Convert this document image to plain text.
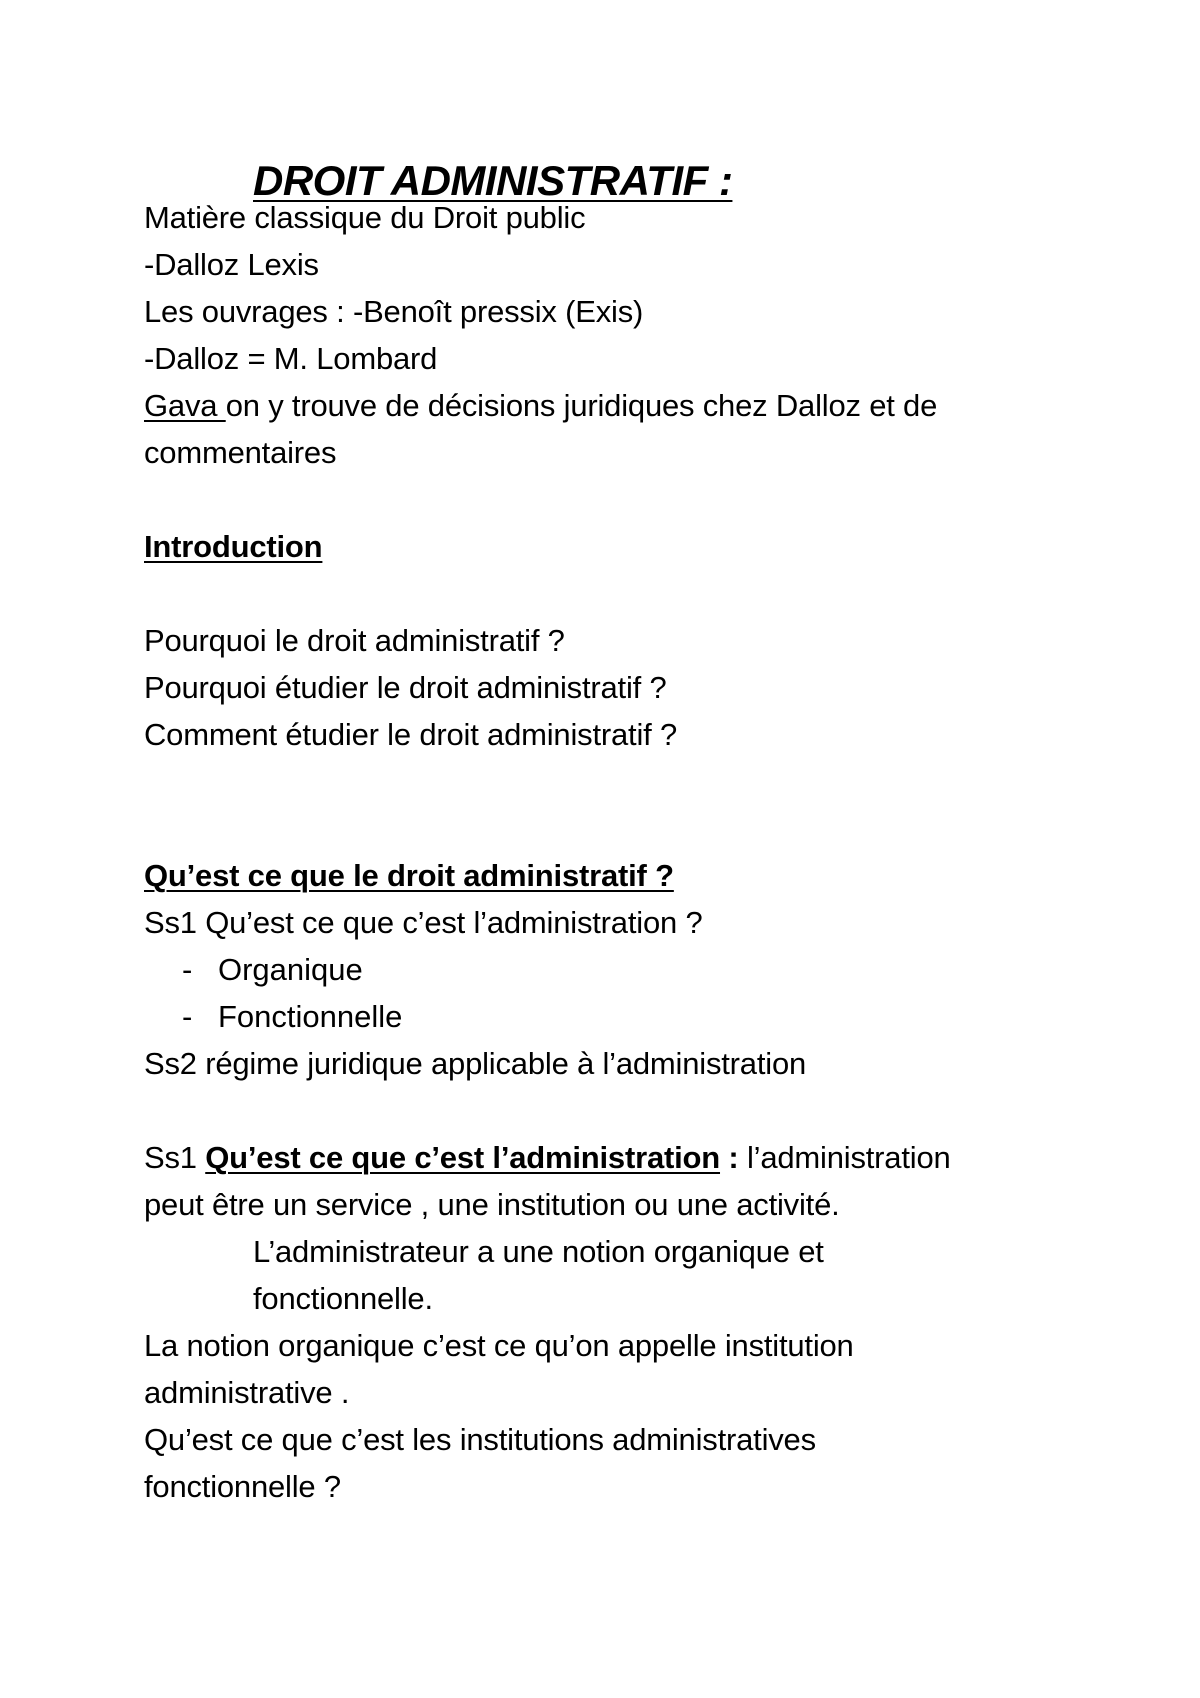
DROIT ADMINISTRATIF :
Matière classique du Droit public
-Dalloz Lexis
Les ouvrages : -Benoît pressix (Exis)
-Dalloz = M. Lombard
Gava on y trouve de décisions juridiques chez Dalloz et de
commentaires
Introduction
Pourquoi le droit administratif ?
Pourquoi étudier le droit administratif ?
Comment étudier le droit administratif ?
Qu’est ce que le droit administratif ?
Ss1 Qu’est ce que c’est l’administration ?
- Organique
- Fonctionnelle
Ss2 régime juridique applicable à l’administration
Ss1 Qu’est ce que c’est l’administration : l’administration
peut être un service , une institution ou une activité.
L’administrateur a une notion organique et
fonctionnelle.
La notion organique c’est ce qu’on appelle institution
administrative .
Qu’est ce que c’est les institutions administratives
fonctionnelle ?
